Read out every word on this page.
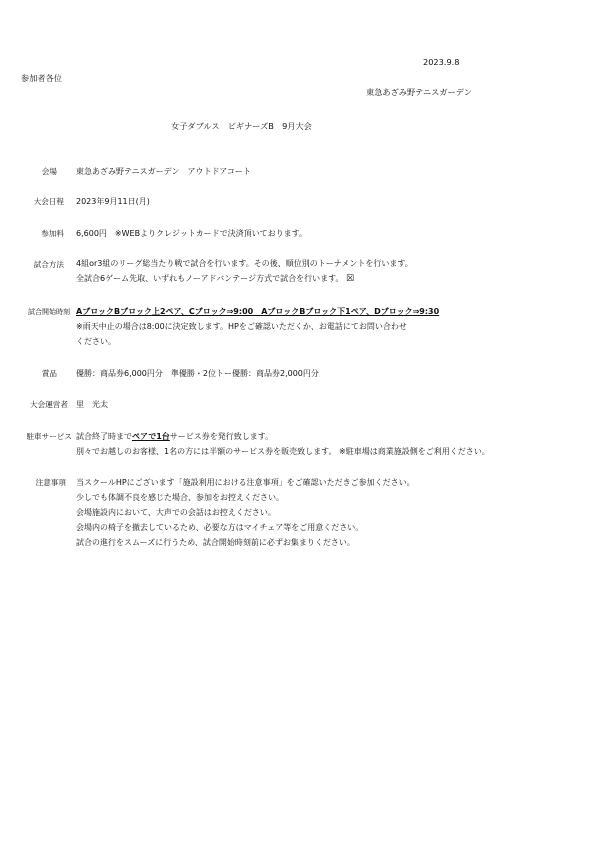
2023.9.8
参加者各位
東急あざみ野テニスガーデン
女子ダブルス　ビギナーズB　9月大会
会場 東急あざみ野テニスガーデン　アウトドアコート
大会日程 2023年9月11日(月)
参加料 6,600円　※WEBよりクレジットカードで決済頂いております。
試合方法 4組or3組のリーグ総当たり戦で試合を行います。その後、順位別のトーナメントを行います。
全試合6ゲーム先取、いずれもノーアドバンテージ方式で試合を行います。 ☒
試合開始時刻 AブロックBブロック上2ペア、Cブロック⇒9:00　AブロックBブロック下1ペア、Dブロック⇒9:30
※雨天中止の場合は8:00に決定致します。HPをご確認いただくか、お電話にてお問い合わせ
ください。
賞品 優勝：商品券6,000円分　準優勝・2位トー優勝：商品券2,000円分
大会運営者 里　光太
駐車サービス 試合終了時までペアで1台サービス券を発行致します。
別々でお越しのお客様、1名の方には半額のサービス券を販売致します。 ※駐車場は商業施設側をご利用ください。
注意事項 当スクールHPにございます「施設利用における注意事項」をご確認いただきご参加ください。
少しでも体調不良を感じた場合、参加をお控えください。
会場施設内において、大声での会話はお控えください。
会場内の椅子を撤去しているため、必要な方はマイチェア等をご用意ください。
試合の進行をスムーズに行うため、試合開始時刻前に必ずお集まりください。
